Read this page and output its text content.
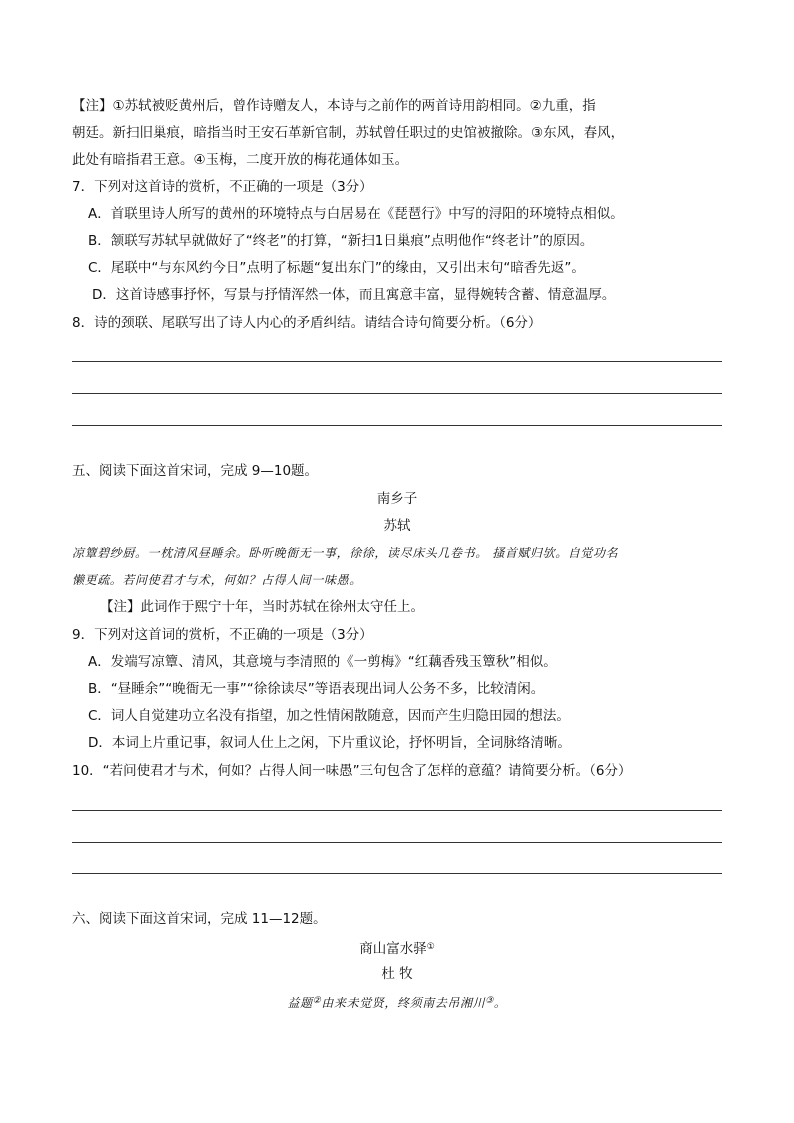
【注】①苏轼被贬黄州后，曾作诗赠友人，本诗与之前作的两首诗用韵相同。②九重，指
朝廷。新扫旧巢痕，暗指当时王安石革新官制，苏轼曾任职过的史馆被撤除。③东风，春风，
此处有暗指君王意。④玉梅，二度开放的梅花通体如玉。
7．下列对这首诗的赏析，不正确的一项是（3分）
A．首联里诗人所写的黄州的环境特点与白居易在《琵琶行》中写的浔阳的环境特点相似。
B．颔联写苏轼早就做好了“终老”的打算，“新扫1日巢痕”点明他作“终老计”的原因。
C．尾联中“与东风约今日”点明了标题“复出东门”的缘由，又引出末句“暗香先返”。
D．这首诗感事抒怀，写景与抒情浑然一体，而且寓意丰富，显得婉转含蓄、情意温厚。
8．诗的颈联、尾联写出了诗人内心的矛盾纠结。请结合诗句简要分析。（6分）
五、阅读下面这首宋词，完成 9—10题。
南乡子
苏轼
凉簟碧纱厨。一枕清风昼睡余。卧听晚衙无一事，徐徐，读尽床头几卷书。 搔首赋归欤。自觉功名
懒更疏。若问使君才与术，何如？占得人间一味愚。
【注】此词作于熙宁十年，当时苏轼在徐州太守任上。
9．下列对这首词的赏析，不正确的一项是（3分）
A．发端写凉簟、清风，其意境与李清照的《一剪梅》“红藕香残玉簟秋”相似。
B．“昼睡余”“晚衙无一事”“徐徐读尽”等语表现出词人公务不多，比较清闲。
C．词人自觉建功立名没有指望，加之性情闲散随意，因而产生归隐田园的想法。
D．本词上片重记事，叙词人仕上之闲，下片重议论，抒怀明旨，全词脉络清晰。
10．“若问使君才与术，何如？占得人间一味愚”三句包含了怎样的意蕴？请简要分析。（6分）
六、阅读下面这首宋词，完成 11—12题。
商山富水驿①
杜 牧
益题②由来未觉贤，终须南去吊湘川③。
